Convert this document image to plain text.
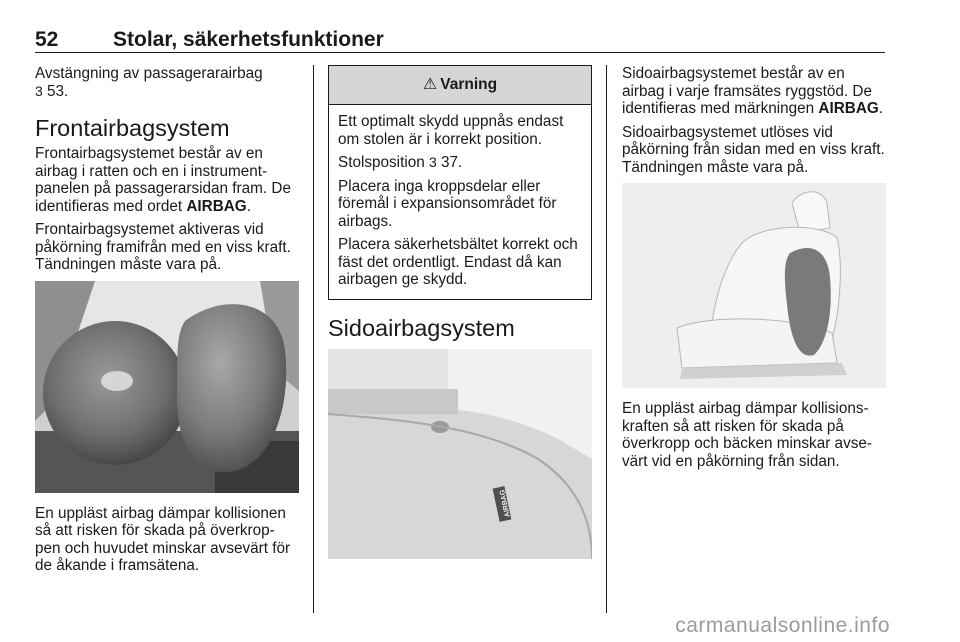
52	Stolar, säkerhetsfunktioner

Avstängning av passagerarairbag
3 53.

Frontairbagsystem

Frontairbagsystemet består av en airbag i ratten och en i instrument-panelen på passagerarsidan fram. De identifieras med ordet AIRBAG.

Frontairbagsystemet aktiveras vid påkörning framifrån med en viss kraft. Tändningen måste vara på.

En uppläst airbag dämpar kollisionen så att risken för skada på överkrop-pen och huvudet minskar avsevärt för de åkande i framsätena.

⚠ Varning

Ett optimalt skydd uppnås endast om stolen är i korrekt position.

Stolsposition 3 37.

Placera inga kroppsdelar eller föremål i expansionsområdet för airbags.

Placera säkerhetsbältet korrekt och fäst det ordentligt. Endast då kan airbagen ge skydd.

Sidoairbagsystem
AIRBAG

Sidoairbagsystemet består av en airbag i varje framsätes ryggstöd. De identifieras med märkningen AIRBAG.

Sidoairbagsystemet utlöses vid påkörning från sidan med en viss kraft. Tändningen måste vara på.

En uppläst airbag dämpar kollisions-kraften så att risken för skada på överkropp och bäcken minskar avse-värt vid en påkörning från sidan.

carmanualsonline.info
